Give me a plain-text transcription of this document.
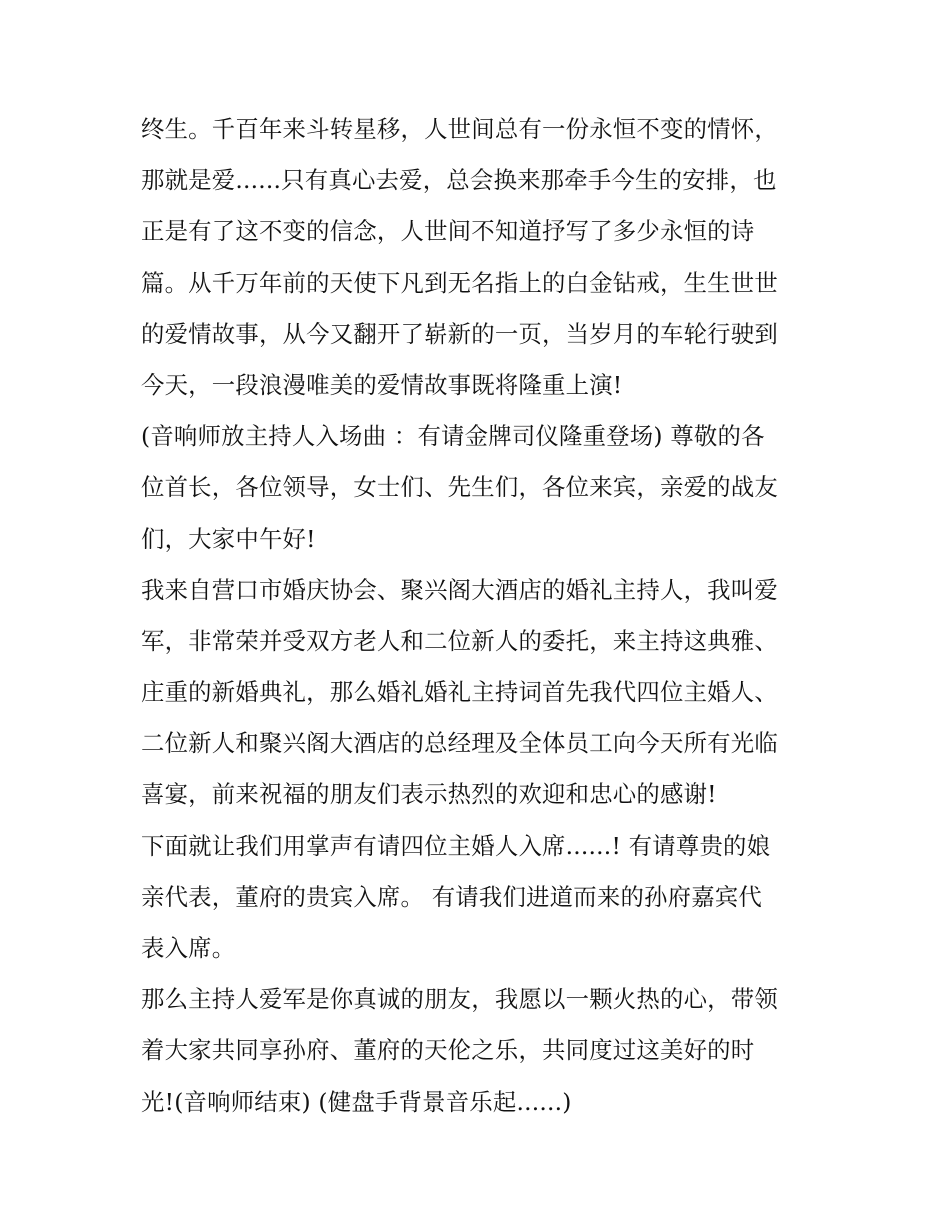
终生。千百年来斗转星移，人世间总有一份永恒不变的情怀，
那就是爱......只有真心去爱，总会换来那牵手今生的安排，也
正是有了这不变的信念，人世间不知道抒写了多少永恒的诗
篇。从千万年前的天使下凡到无名指上的白金钻戒，生生世世
的爱情故事，从今又翻开了崭新的一页，当岁月的车轮行驶到
今天，一段浪漫唯美的爱情故事既将隆重上演!
(音响师放主持人入场曲 ：有请金牌司仪隆重登场) 尊敬的各
位首长，各位领导，女士们、先生们，各位来宾，亲爱的战友
们，大家中午好!
我来自营口市婚庆协会、聚兴阁大酒店的婚礼主持人，我叫爱
军，非常荣并受双方老人和二位新人的委托，来主持这典雅、
庄重的新婚典礼，那么婚礼婚礼主持词首先我代四位主婚人、
二位新人和聚兴阁大酒店的总经理及全体员工向今天所有光临
喜宴，前来祝福的朋友们表示热烈的欢迎和忠心的感谢!
下面就让我们用掌声有请四位主婚人入席......! 有请尊贵的娘
亲代表，董府的贵宾入席。 有请我们进道而来的孙府嘉宾代
表入席。
那么主持人爱军是你真诚的朋友，我愿以一颗火热的心，带领
着大家共同享孙府、董府的天伦之乐，共同度过这美好的时
光!(音响师结束) (健盘手背景音乐起......)
